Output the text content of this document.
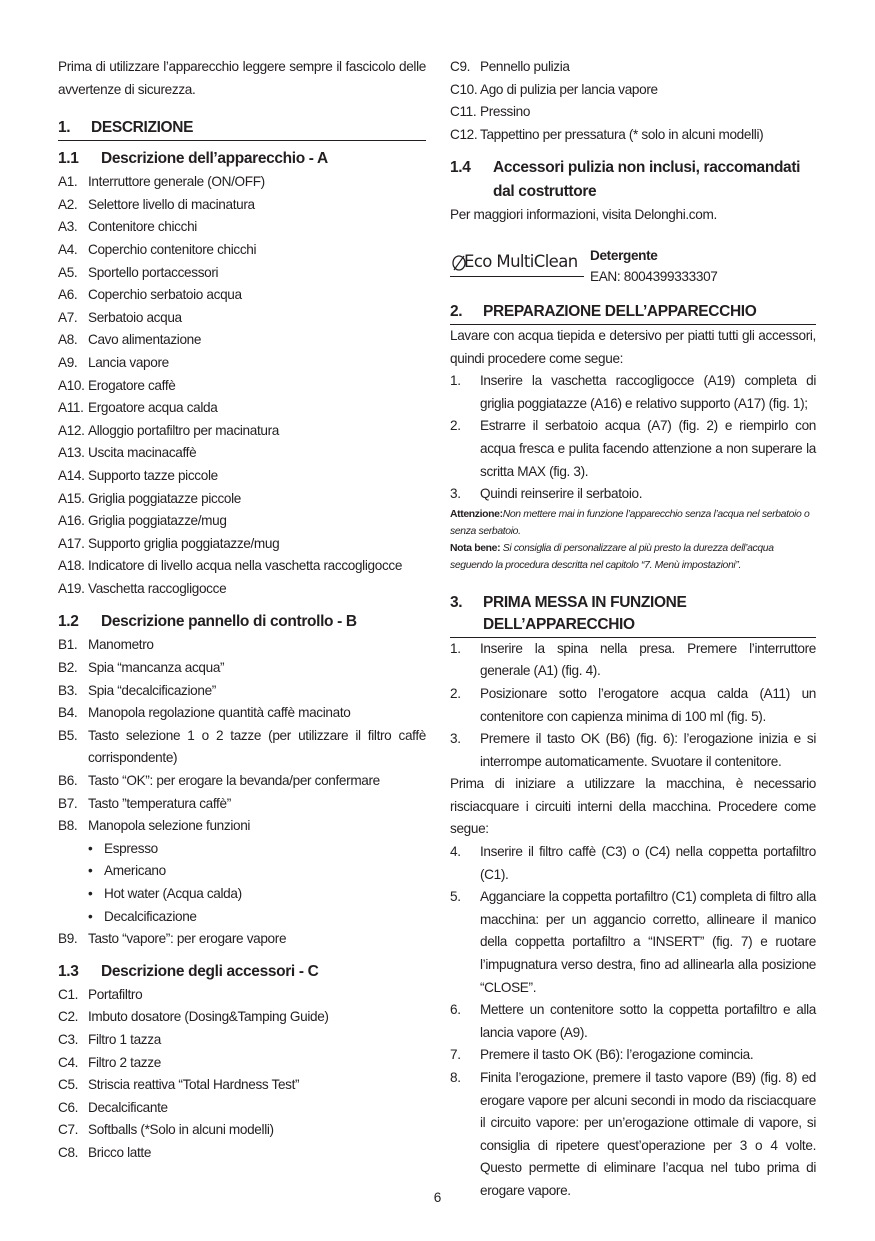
Prima di utilizzare l’apparecchio leggere sempre il fascicolo delle avvertenze di sicurezza.

1.	DESCRIZIONE
1.1	Descrizione dell’apparecchio - A
A1. Interruttore generale (ON/OFF)
A2. Selettore livello di macinatura
A3. Contenitore chicchi
A4. Coperchio contenitore chicchi
A5. Sportello portaccessori
A6. Coperchio serbatoio acqua
A7. Serbatoio acqua
A8. Cavo alimentazione
A9. Lancia vapore
A10. Erogatore caffè
A11. Ergoatore acqua calda
A12. Alloggio portafiltro per macinatura
A13. Uscita macinacaffè
A14. Supporto tazze piccole
A15. Griglia poggiatazze piccole
A16. Griglia poggiatazze/mug
A17. Supporto griglia poggiatazze/mug
A18. Indicatore di livello acqua nella vaschetta raccogligocce
A19. Vaschetta raccogligocce
1.2	Descrizione pannello di controllo - B
B1. Manometro
B2. Spia “mancanza acqua”
B3. Spia “decalcificazione”
B4. Manopola regolazione quantità caffè macinato
B5. Tasto selezione 1 o 2 tazze (per utilizzare il filtro caffè corrispondente)
B6. Tasto “OK”: per erogare la bevanda/per confermare
B7. Tasto ”temperatura caffè”
B8. Manopola selezione funzioni
• Espresso
• Americano
• Hot water (Acqua calda)
• Decalcificazione
B9. Tasto “vapore”: per erogare vapore
1.3	Descrizione degli accessori - C
C1. Portafiltro
C2. Imbuto dosatore (Dosing&Tamping Guide)
C3. Filtro 1 tazza
C4. Filtro 2 tazze
C5. Striscia reattiva “Total Hardness Test”
C6. Decalcificante
C7. Softballs (*Solo in alcuni modelli)
C8. Bricco latte
C9. Pennello pulizia
C10. Ago di pulizia per lancia vapore
C11. Pressino
C12. Tappettino per pressatura (* solo in alcuni modelli)
1.4	Accessori pulizia non inclusi, raccomandati
dal costruttore

Per maggiori informazioni, visita Delonghi.com.

Eco MultiClean Detergente
EAN: 8004399333307
2.	PREPARAZIONE DELL’APPARECCHIO

Lavare con acqua tiepida e detersivo per piatti tutti gli accessori, quindi procedere come segue:

1.	Inserire la vaschetta raccogligocce (A19) completa di griglia poggiatazze (A16) e relativo supporto (A17) (fig. 1);
2.	Estrarre il serbatoio acqua (A7) (fig. 2) e riempirlo con acqua fresca e pulita facendo attenzione a non superare la scritta MAX (fig. 3).
3.	Quindi reinserire il serbatoio.

Attenzione:Non mettere mai in funzione l’apparecchio senza l’acqua nel serbatoio o senza serbatoio.

Nota bene: Si consiglia di personalizzare al più presto la durezza dell’acqua seguendo la procedura descritta nel capitolo “7. Menù impostazioni”.

3.	PRIMA MESSA IN FUNZIONE
DELL’APPARECCHIO
1.	Inserire la spina nella presa. Premere l’interruttore generale (A1) (fig. 4).
2.	Posizionare sotto l’erogatore acqua calda (A11) un contenitore con capienza minima di 100 ml (fig. 5).
3.	Premere il tasto OK (B6) (fig. 6): l’erogazione inizia e si interrompe automaticamente. Svuotare il contenitore.

Prima di iniziare a utilizzare la macchina, è necessario risciacquare i circuiti interni della macchina. Procedere come segue:

4.	Inserire il filtro caffè (C3) o (C4) nella coppetta portafiltro (C1).
5.	Agganciare la coppetta portafiltro (C1) completa di filtro alla macchina: per un aggancio corretto, allineare il manico della coppetta portafiltro a “INSERT” (fig. 7) e ruotare l’impugnatura verso destra, fino ad allinearla alla posizione “CLOSE”.
6.	Mettere un contenitore sotto la coppetta portafiltro e alla lancia vapore (A9).
7.	Premere il tasto OK (B6): l’erogazione comincia.
8.	Finita l’erogazione, premere il tasto vapore (B9) (fig. 8) ed erogare vapore per alcuni secondi in modo da risciacquare il circuito vapore: per un’erogazione ottimale di vapore, si consiglia di ripetere quest’operazione per 3 o 4 volte. Questo permette di eliminare l’acqua nel tubo prima di erogare vapore.
6
